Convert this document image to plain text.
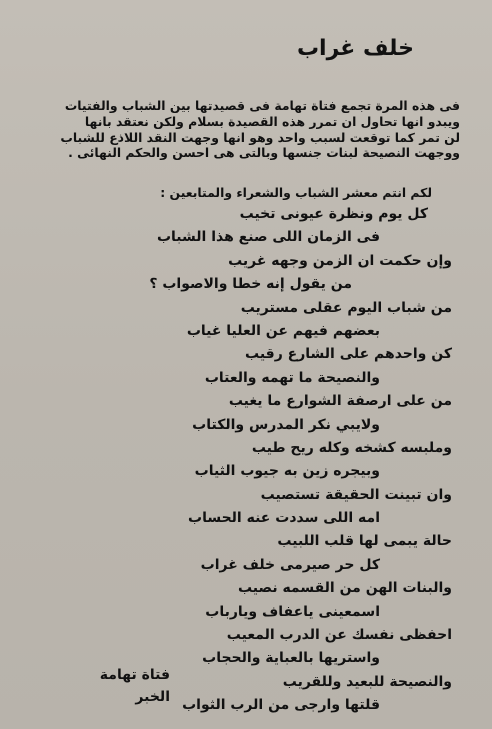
خلف غراب

فى هذه المرة تجمع فتاة تهامة فى قصيدتها بين الشباب والفتيات

ويبدو انها تحاول ان تمرر هذه القصيدة بسلام ولكن نعتقد بانها

لن تمر كما توقعت لسبب واحد وهو انها وجهت النقد اللاذع للشباب

ووجهت النصيحة لبنات جنسها وبالتى هى احسن والحكم النهائى .

لكم انتم معشر الشباب والشعراء والمتابعين :
كل يوم ونظرة عيونى تخيب
فى الزمان اللى صنع هذا الشباب
وإن حكمت ان الزمن وجهه غريب
من يقول إنه خطا والاصواب ؟
من شباب اليوم عقلى مستريب
بعضهم فيهم عن العليا غياب
كن واحدهم على الشارع رقيب
والنصيحة ما تهمه والعتاب
من على ارصفة الشوارع ما يغيب
ولايبي نكر المدرس والكتاب
وملبسه كشخه وكله ريح طيب
وبيجره زين به جيوب الثياب
وان تبينت الحقيقة تستصيب
امه اللى سددت عنه الحساب
حالة يبمى لها قلب اللبيب
كل حر صيرمى خلف غراب
والبنات الهن من القسمه نصيب
اسمعينى ياعفاف ويارباب
احفظى نفسك عن الدرب المعيب
واستريها بالعباية والحجاب
والنصيحة للبعيد وللقريب
قلتها وارجى من الرب الثواب
فتاة تهامة
الخبر
